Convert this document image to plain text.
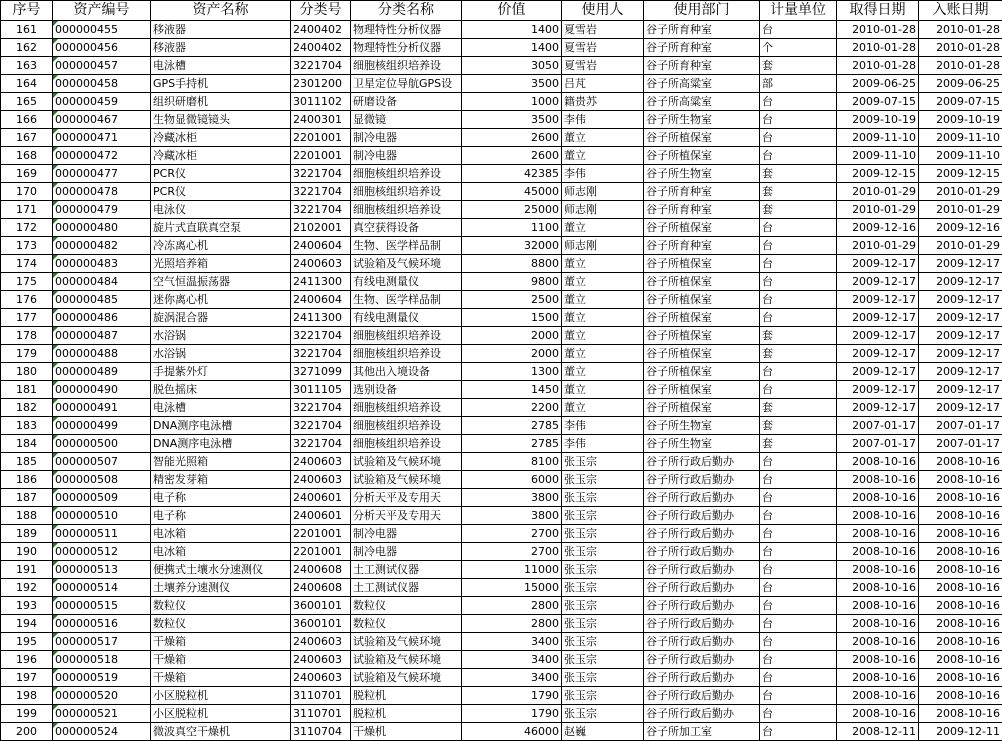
序号	资产编号	资产名称	分类号	分类名称	价值	使用人	使用部门	计量单位	取得日期	入账日期
161	000000455	移液器	2400402	物理特性分析仪器	1400	夏雪岩	谷子所育种室	台	2010-01-28	2010-01-28
162	000000456	移液器	2400402	物理特性分析仪器	1400	夏雪岩	谷子所育种室	个	2010-01-28	2010-01-28
163	000000457	电泳槽	3221704	细胞核组织培养设	3050	夏雪岩	谷子所育种室	套	2010-01-28	2010-01-28
164	000000458	GPS手持机	2301200	卫星定位导航GPS设	3500	吕芃	谷子所高粱室	部	2009-06-25	2009-06-25
165	000000459	组织研磨机	3011102	研磨设备	1000	籍贵苏	谷子所高粱室	台	2009-07-15	2009-07-15
166	000000467	生物显微镜镜头	2400301	显微镜	3500	李伟	谷子所生物室	台	2009-10-19	2009-10-19
167	000000471	冷藏冰柜	2201001	制冷电器	2600	董立	谷子所植保室	台	2009-11-10	2009-11-10
168	000000472	冷藏冰柜	2201001	制冷电器	2600	董立	谷子所植保室	台	2009-11-10	2009-11-10
169	000000477	PCR仪	3221704	细胞核组织培养设	42385	李伟	谷子所生物室	套	2009-12-15	2009-12-15
170	000000478	PCR仪	3221704	细胞核组织培养设	45000	师志刚	谷子所育种室	套	2010-01-29	2010-01-29
171	000000479	电泳仪	3221704	细胞核组织培养设	25000	师志刚	谷子所育种室	套	2010-01-29	2010-01-29
172	000000480	旋片式直联真空泵	2102001	真空获得设备	1100	董立	谷子所植保室	台	2009-12-16	2009-12-16
173	000000482	冷冻离心机	2400604	生物、医学样品制	32000	师志刚	谷子所育种室	台	2010-01-29	2010-01-29
174	000000483	光照培养箱	2400603	试验箱及气候环境	8800	董立	谷子所植保室	台	2009-12-17	2009-12-17
175	000000484	空气恒温振荡器	2411300	有线电测量仪	9800	董立	谷子所植保室	台	2009-12-17	2009-12-17
176	000000485	迷你离心机	2400604	生物、医学样品制	2500	董立	谷子所植保室	台	2009-12-17	2009-12-17
177	000000486	旋涡混合器	2411300	有线电测量仪	1500	董立	谷子所植保室	台	2009-12-17	2009-12-17
178	000000487	水浴锅	3221704	细胞核组织培养设	2000	董立	谷子所植保室	套	2009-12-17	2009-12-17
179	000000488	水浴锅	3221704	细胞核组织培养设	2000	董立	谷子所植保室	套	2009-12-17	2009-12-17
180	000000489	手提紫外灯	3271099	其他出入境设备	1300	董立	谷子所植保室	台	2009-12-17	2009-12-17
181	000000490	脱色摇床	3011105	选别设备	1450	董立	谷子所植保室	台	2009-12-17	2009-12-17
182	000000491	电泳槽	3221704	细胞核组织培养设	2200	董立	谷子所植保室	套	2009-12-17	2009-12-17
183	000000499	DNA测序电泳槽	3221704	细胞核组织培养设	2785	李伟	谷子所生物室	套	2007-01-17	2007-01-17
184	000000500	DNA测序电泳槽	3221704	细胞核组织培养设	2785	李伟	谷子所生物室	套	2007-01-17	2007-01-17
185	000000507	智能光照箱	2400603	试验箱及气候环境	8100	张玉宗	谷子所行政后勤办	台	2008-10-16	2008-10-16
186	000000508	精密发芽箱	2400603	试验箱及气候环境	6000	张玉宗	谷子所行政后勤办	台	2008-10-16	2008-10-16
187	000000509	电子称	2400601	分析天平及专用天	3800	张玉宗	谷子所行政后勤办	台	2008-10-16	2008-10-16
188	000000510	电子称	2400601	分析天平及专用天	3800	张玉宗	谷子所行政后勤办	台	2008-10-16	2008-10-16
189	000000511	电冰箱	2201001	制冷电器	2700	张玉宗	谷子所行政后勤办	台	2008-10-16	2008-10-16
190	000000512	电冰箱	2201001	制冷电器	2700	张玉宗	谷子所行政后勤办	台	2008-10-16	2008-10-16
191	000000513	便携式土壤水分速测仪	2400608	土工测试仪器	11000	张玉宗	谷子所行政后勤办	台	2008-10-16	2008-10-16
192	000000514	土壤养分速测仪	2400608	土工测试仪器	15000	张玉宗	谷子所行政后勤办	台	2008-10-16	2008-10-16
193	000000515	数粒仪	3600101	数粒仪	2800	张玉宗	谷子所行政后勤办	台	2008-10-16	2008-10-16
194	000000516	数粒仪	3600101	数粒仪	2800	张玉宗	谷子所行政后勤办	台	2008-10-16	2008-10-16
195	000000517	干燥箱	2400603	试验箱及气候环境	3400	张玉宗	谷子所行政后勤办	台	2008-10-16	2008-10-16
196	000000518	干燥箱	2400603	试验箱及气候环境	3400	张玉宗	谷子所行政后勤办	台	2008-10-16	2008-10-16
197	000000519	干燥箱	2400603	试验箱及气候环境	3400	张玉宗	谷子所行政后勤办	台	2008-10-16	2008-10-16
198	000000520	小区脱粒机	3110701	脱粒机	1790	张玉宗	谷子所行政后勤办	台	2008-10-16	2008-10-16
199	000000521	小区脱粒机	3110701	脱粒机	1790	张玉宗	谷子所行政后勤办	台	2008-10-16	2008-10-16
200	000000524	微波真空干燥机	3110704	干燥机	46000	赵巍	谷子所加工室	台	2008-12-11	2009-12-11
